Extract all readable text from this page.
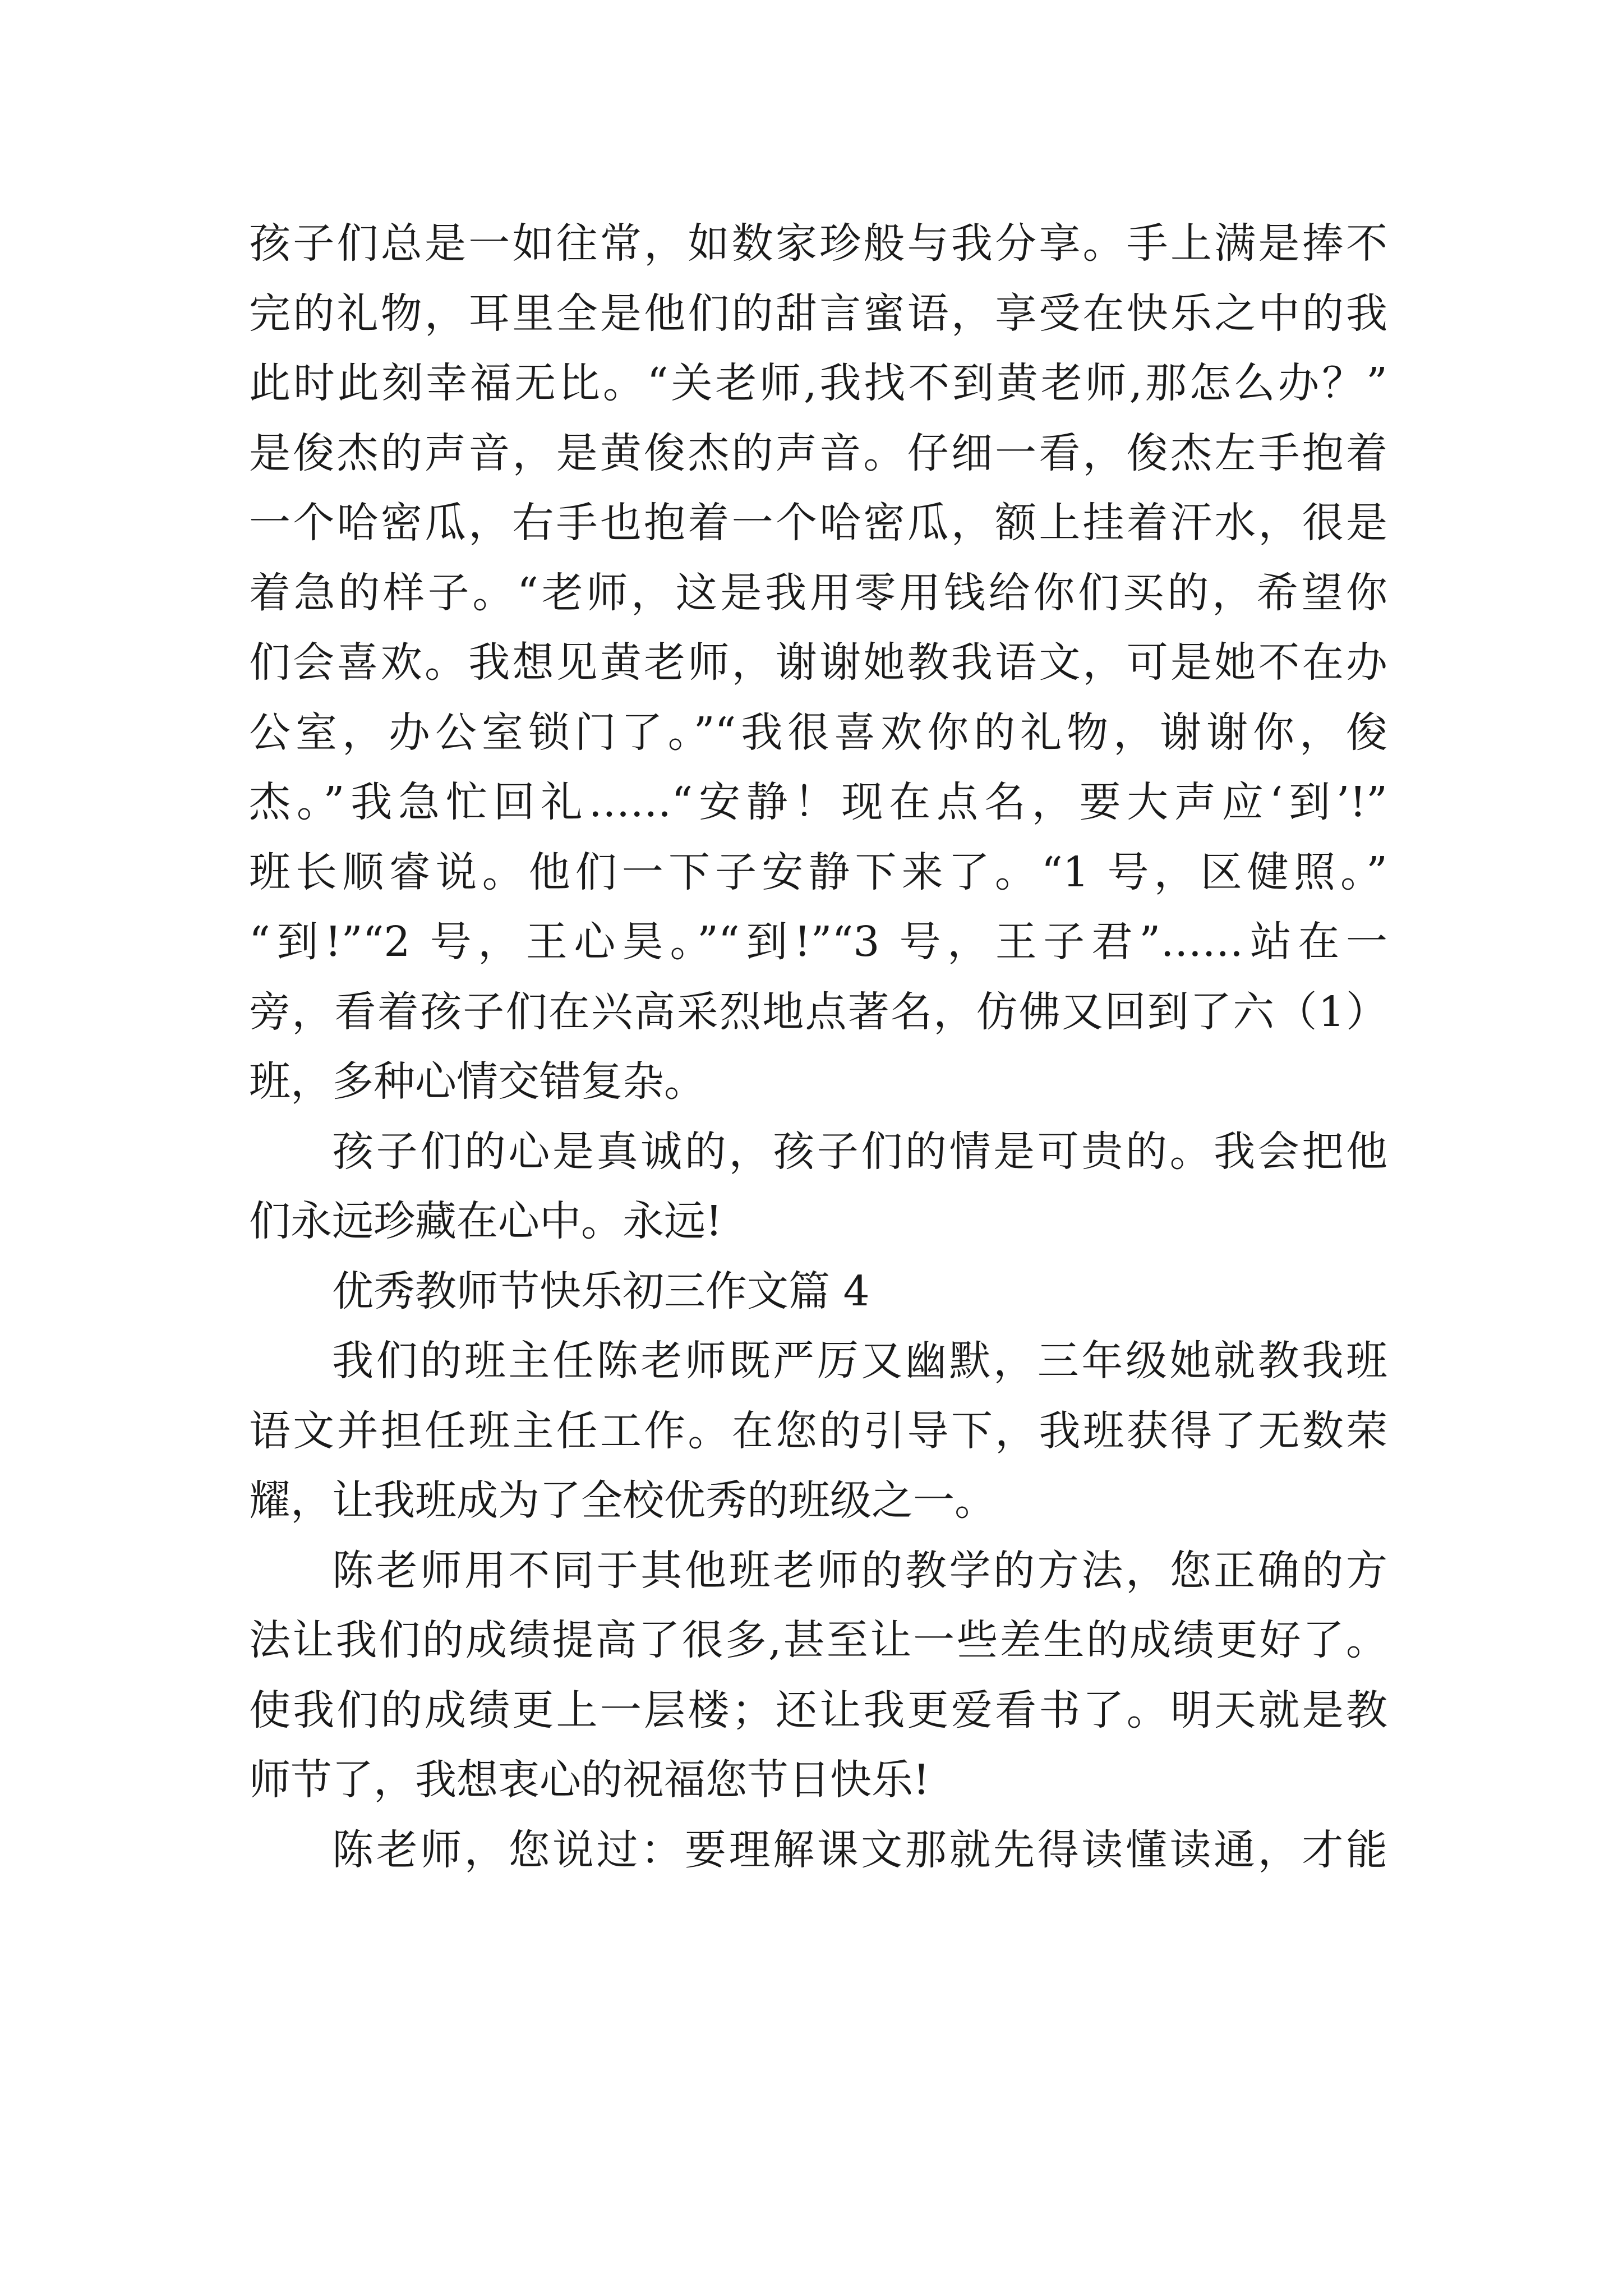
孩子们总是一如往常，如数家珍般与我分享。手上满是捧不
完的礼物，耳里全是他们的甜言蜜语，享受在快乐之中的我
此时此刻幸福无比。“关老师,我找不到黄老师,那怎么办？”
是俊杰的声音，是黄俊杰的声音。仔细一看，俊杰左手抱着
一个哈密瓜，右手也抱着一个哈密瓜，额上挂着汗水，很是
着急的样子。“老师，这是我用零用钱给你们买的，希望你
们会喜欢。我想见黄老师，谢谢她教我语文，可是她不在办
公室，办公室锁门了。”“我很喜欢你的礼物，谢谢你，俊
杰。”我急忙回礼……“安静！现在点名，要大声应‘到’!”
班长顺睿说。他们一下子安静下来了。“1 号，区健照。”
“到!”“2 号，王心昊。”“到!”“3 号，王子君”……站在一
旁，看着孩子们在兴高采烈地点著名，仿佛又回到了六（1）
班，多种心情交错复杂。
孩子们的心是真诚的，孩子们的情是可贵的。我会把他
们永远珍藏在心中。永远!
优秀教师节快乐初三作文篇 4
我们的班主任陈老师既严厉又幽默，三年级她就教我班
语文并担任班主任工作。在您的引导下，我班获得了无数荣
耀，让我班成为了全校优秀的班级之一。
陈老师用不同于其他班老师的教学的方法，您正确的方
法让我们的成绩提高了很多,甚至让一些差生的成绩更好了。
使我们的成绩更上一层楼；还让我更爱看书了。明天就是教
师节了，我想衷心的祝福您节日快乐!
陈老师，您说过：要理解课文那就先得读懂读通，才能
